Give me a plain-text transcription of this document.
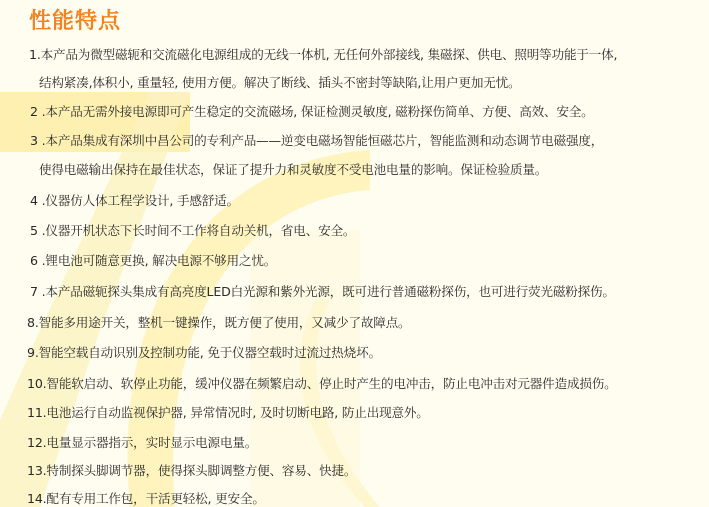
性能特点
1.本产品为微型磁轭和交流磁化电源组成的无线一体机, 无任何外部接线, 集磁探、供电、照明等功能于一体,
结构紧凑,体积小, 重量轻, 使用方便。解决了断线、插头不密封等缺陷,让用户更加无忧。
2 .本产品无需外接电源即可产生稳定的交流磁场, 保证检测灵敏度, 磁粉探伤简单、方便、高效、安全。
3 .本产品集成有深圳中昌公司的专利产品——逆变电磁场智能恒磁芯片，智能监测和动态调节电磁强度，
使得电磁输出保持在最佳状态，保证了提升力和灵敏度不受电池电量的影响。保证检验质量。
4 .仪器仿人体工程学设计, 手感舒适。
5 .仪器开机状态下长时间不工作将自动关机，省电、安全。
6 .锂电池可随意更换, 解决电源不够用之忧。
7 .本产品磁轭探头集成有高亮度LED白光源和紫外光源，既可进行普通磁粉探伤，也可进行荧光磁粉探伤。
8.智能多用途开关，整机一键操作，既方便了使用，又减少了故障点。
9.智能空载自动识别及控制功能, 免于仪器空载时过流过热烧坏。
10.智能软启动、软停止功能，缓冲仪器在频繁启动、停止时产生的电冲击，防止电冲击对元器件造成损伤。
11.电池运行自动监视保护器, 异常情况时, 及时切断电路, 防止出现意外。
12.电量显示器指示，实时显示电源电量。
13.特制探头脚调节器，使得探头脚调整方便、容易、快捷。
14.配有专用工作包，干活更轻松, 更安全。
